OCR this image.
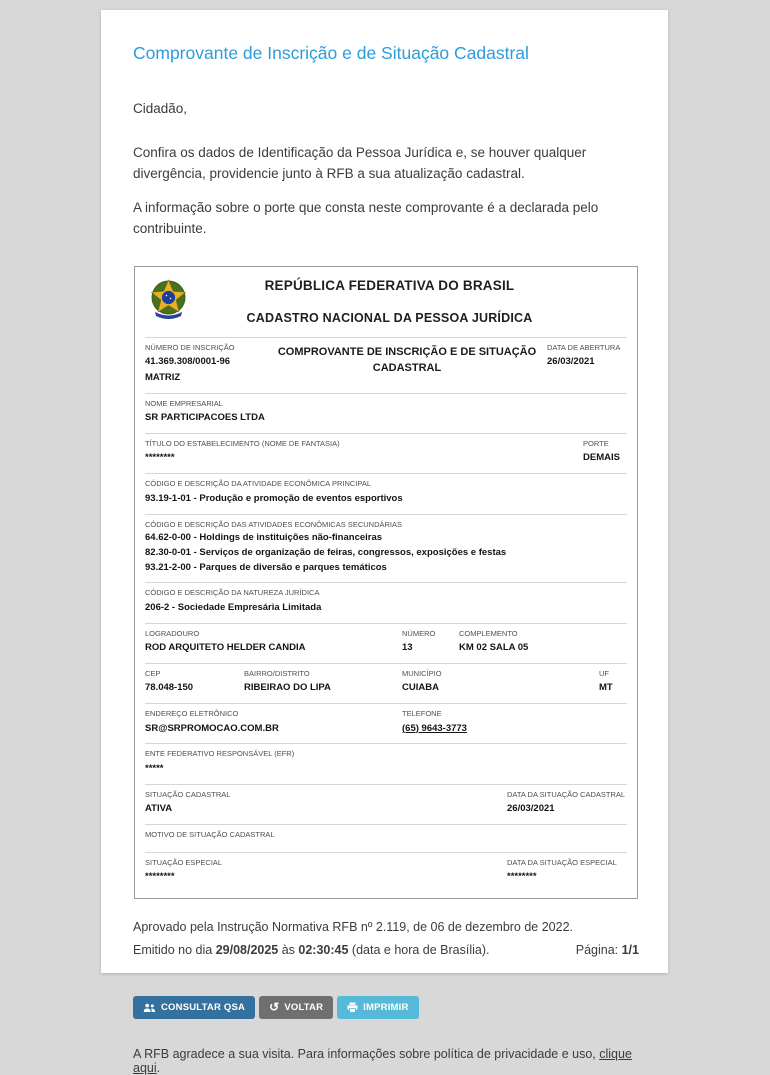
Comprovante de Inscrição e de Situação Cadastral
Cidadão,
Confira os dados de Identificação da Pessoa Jurídica e, se houver qualquer divergência, providencie junto à RFB a sua atualização cadastral.
A informação sobre o porte que consta neste comprovante é a declarada pelo contribuinte.
REPÚBLICA FEDERATIVA DO BRASIL
CADASTRO NACIONAL DA PESSOA JURÍDICA
NÚMERO DE INSCRIÇÃO
41.369.308/0001-96
MATRIZ
COMPROVANTE DE INSCRIÇÃO E DE SITUAÇÃO CADASTRAL
DATA DE ABERTURA
26/03/2021
NOME EMPRESARIAL
SR PARTICIPACOES LTDA
TÍTULO DO ESTABELECIMENTO (NOME DE FANTASIA)
********
PORTE
DEMAIS
CÓDIGO E DESCRIÇÃO DA ATIVIDADE ECONÔMICA PRINCIPAL
93.19-1-01 - Produção e promoção de eventos esportivos
CÓDIGO E DESCRIÇÃO DAS ATIVIDADES ECONÔMICAS SECUNDÁRIAS
64.62-0-00 - Holdings de instituições não-financeiras
82.30-0-01 - Serviços de organização de feiras, congressos, exposições e festas
93.21-2-00 - Parques de diversão e parques temáticos
CÓDIGO E DESCRIÇÃO DA NATUREZA JURÍDICA
206-2 - Sociedade Empresária Limitada
LOGRADOURO
ROD ARQUITETO HELDER CANDIA
NÚMERO
13
COMPLEMENTO
KM 02 SALA 05
CEP
78.048-150
BAIRRO/DISTRITO
RIBEIRAO DO LIPA
MUNICÍPIO
CUIABA
UF
MT
ENDEREÇO ELETRÔNICO
SR@SRPROMOCAO.COM.BR
TELEFONE
(65) 9643-3773
ENTE FEDERATIVO RESPONSÁVEL (EFR)
*****
SITUAÇÃO CADASTRAL
ATIVA
DATA DA SITUAÇÃO CADASTRAL
26/03/2021
MOTIVO DE SITUAÇÃO CADASTRAL
SITUAÇÃO ESPECIAL
********
DATA DA SITUAÇÃO ESPECIAL
********
Aprovado pela Instrução Normativa RFB nº 2.119, de 06 de dezembro de 2022.
Emitido no dia 29/08/2025 às 02:30:45 (data e hora de Brasília).	Página: 1/1
CONSULTAR QSA ↺ VOLTAR	IMPRIMIR
A RFB agradece a sua visita. Para informações sobre política de privacidade e uso, clique aqui.
